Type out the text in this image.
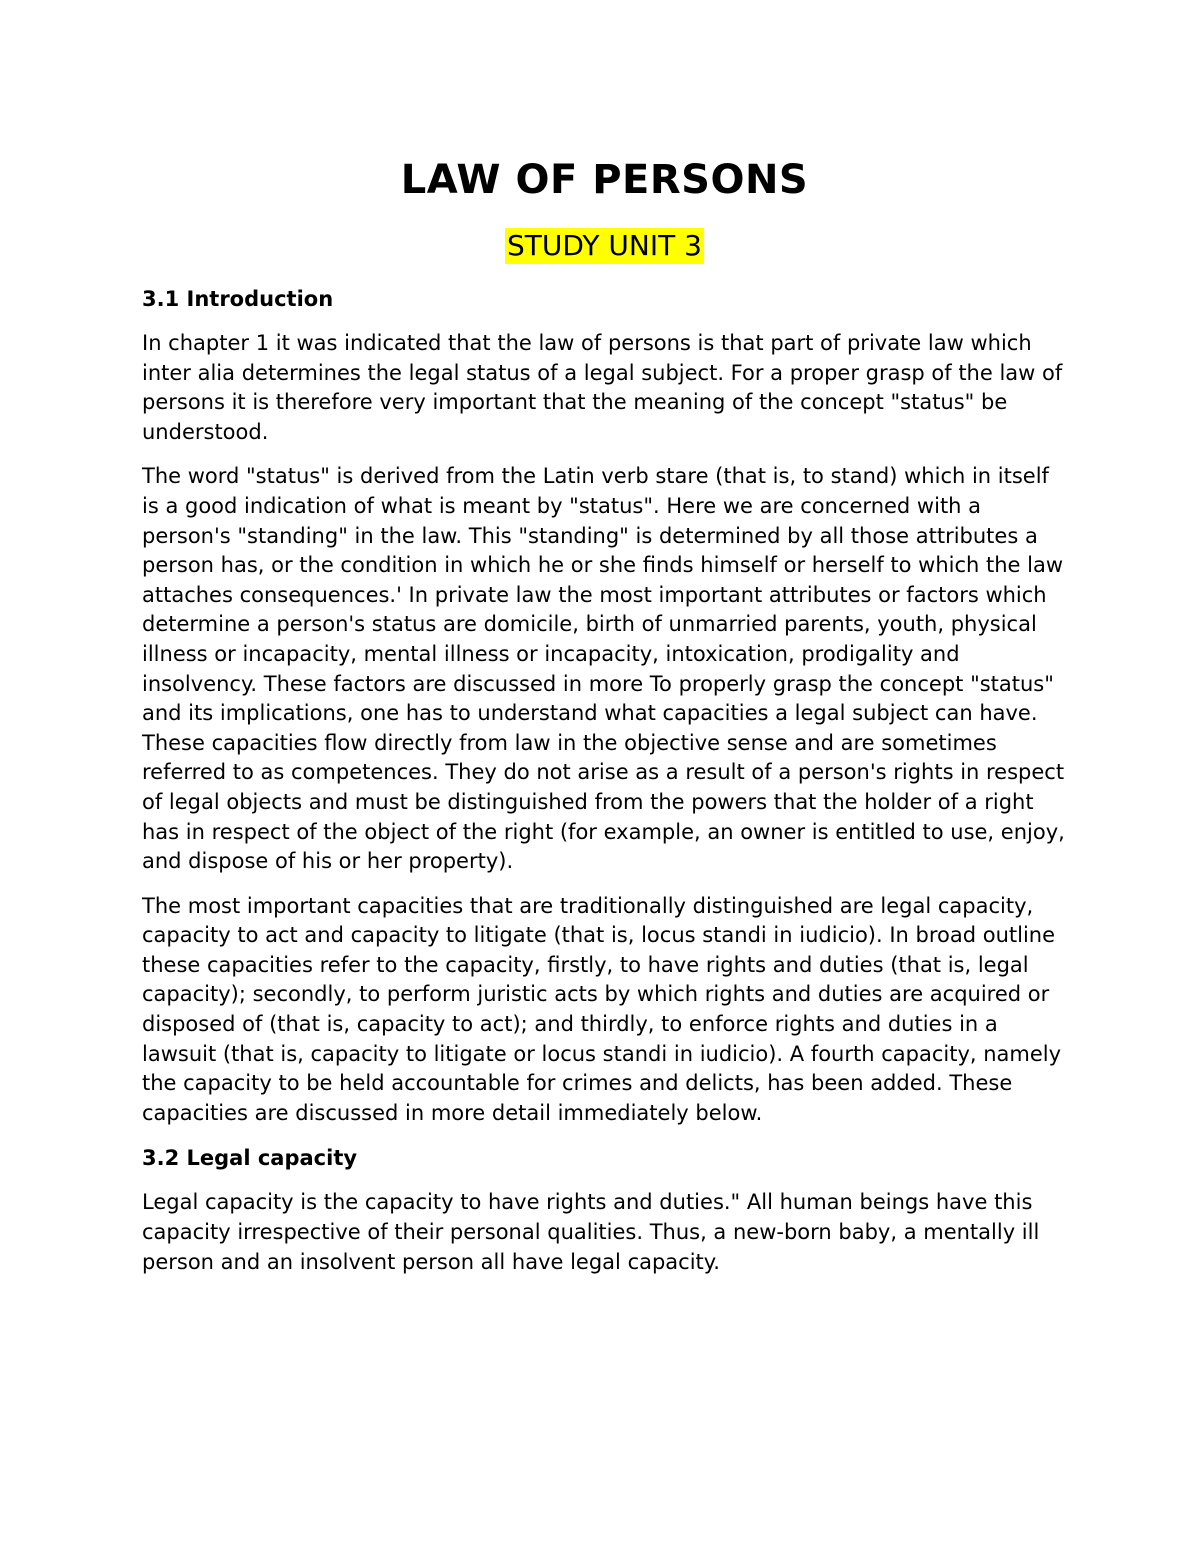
LAW OF PERSONS
STUDY UNIT 3
3.1 Introduction

In chapter 1 it was indicated that the law of persons is that part of private law which inter alia determines the legal status of a legal subject. For a proper grasp of the law of persons it is therefore very important that the meaning of the concept "status" be understood.

The word "status" is derived from the Latin verb stare (that is, to stand) which in itself is a good indication of what is meant by "status". Here we are concerned with a person's "standing" in the law. This "standing" is determined by all those attributes a person has, or the condition in which he or she finds himself or herself to which the law attaches consequences.' In private law the most important attributes or factors which determine a person's status are domicile, birth of unmarried parents, youth, physical illness or incapacity, mental illness or incapacity, intoxication, prodigality and insolvency. These factors are discussed in more To properly grasp the concept "status" and its implications, one has to understand what capacities a legal subject can have. These capacities flow directly from law in the objective sense and are sometimes referred to as competences. They do not arise as a result of a person's rights in respect of legal objects and must be distinguished from the powers that the holder of a right has in respect of the object of the right (for example, an owner is entitled to use, enjoy, and dispose of his or her property).

The most important capacities that are traditionally distinguished are legal capacity, capacity to act and capacity to litigate (that is, locus standi in iudicio). In broad outline these capacities refer to the capacity, firstly, to have rights and duties (that is, legal capacity); secondly, to perform juristic acts by which rights and duties are acquired or disposed of (that is, capacity to act); and thirdly, to enforce rights and duties in a lawsuit (that is, capacity to litigate or locus standi in iudicio). A fourth capacity, namely the capacity to be held accountable for crimes and delicts, has been added. These capacities are discussed in more detail immediately below.

3.2 Legal capacity

Legal capacity is the capacity to have rights and duties." All human beings have this capacity irrespective of their personal qualities. Thus, a new-born baby, a mentally ill person and an insolvent person all have legal capacity.
